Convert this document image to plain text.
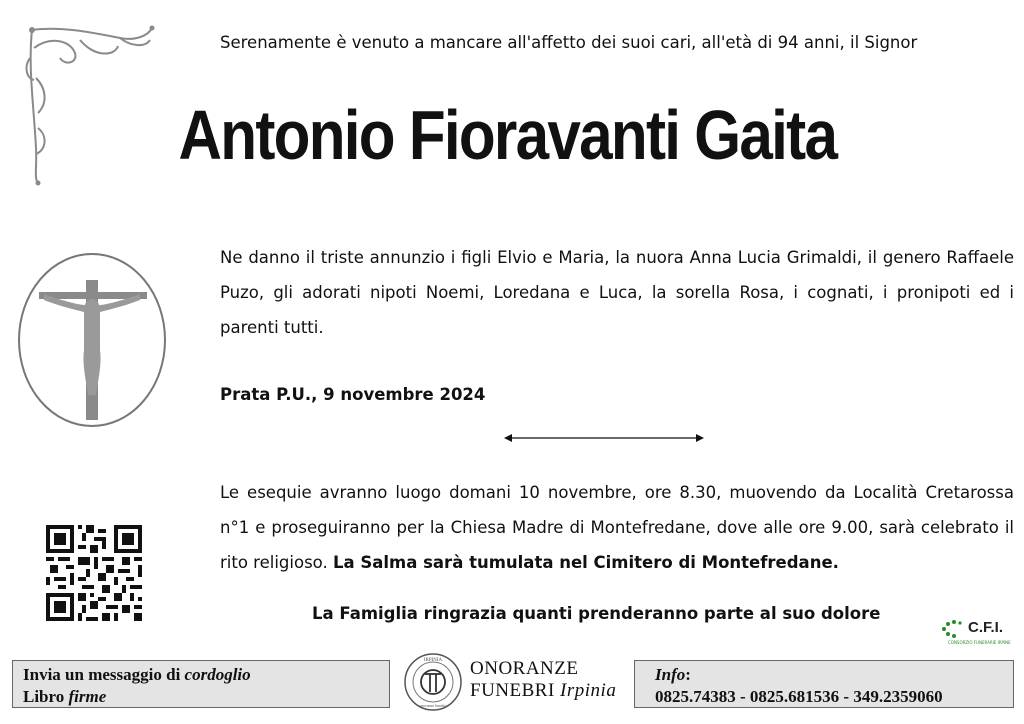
Serenamente è venuto a mancare all'affetto dei suoi cari, all'età di 94 anni, il Signor
Antonio Fioravanti Gaita

Ne danno il triste annunzio i figli Elvio e Maria, la nuora Anna Lucia Grimaldi, il genero Raffaele Puzo, gli adorati nipoti Noemi, Loredana e Luca, la sorella Rosa, i cognati, i pronipoti ed i parenti tutti.

Prata P.U., 9 novembre 2024

Le esequie avranno luogo domani 10 novembre, ore 8.30, muovendo da Località Cretarossa n°1 e proseguiranno per la Chiesa Madre di Montefredane, dove alle ore 9.00, sarà celebrato il rito religioso. La Salma sarà tumulata nel Cimitero di Montefredane.

La Famiglia ringrazia quanti prenderanno parte al suo dolore
C.F.I.
CONSORZIO FUNERARIE IRPINE
Invia un messaggio di cordoglio
Libro firme
IRPINIA
onoranze funebri
ONORANZE
FUNEBRI Irpinia
Info:
0825.74383 - 0825.681536 - 349.2359060
